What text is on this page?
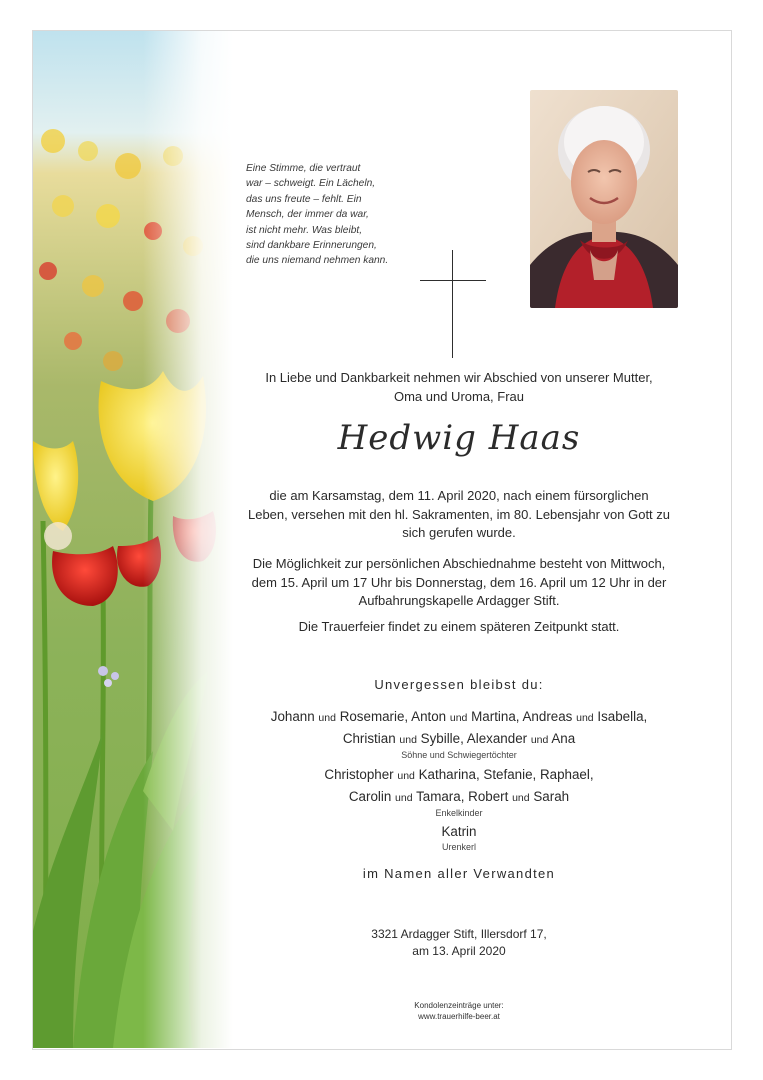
Eine Stimme, die vertraut
war – schweigt. Ein Lächeln,
das uns freute – fehlt. Ein
Mensch, der immer da war,
ist nicht mehr. Was bleibt,
sind dankbare Erinnerungen,
die uns niemand nehmen kann.
In Liebe und Dankbarkeit nehmen wir Abschied von unserer Mutter,
Oma und Uroma, Frau
Hedwig Haas
die am Karsamstag, dem 11. April 2020, nach einem fürsorglichen
Leben, versehen mit den hl. Sakramenten, im 80. Lebensjahr von Gott zu
sich gerufen wurde.
Die Möglichkeit zur persönlichen Abschiednahme besteht von Mittwoch,
dem 15. April um 17 Uhr bis Donnerstag, dem 16. April um 12 Uhr in der
Aufbahrungskapelle Ardagger Stift.
Die Trauerfeier findet zu einem späteren Zeitpunkt statt.
Unvergessen bleibst du:
Johann und Rosemarie, Anton und Martina, Andreas und Isabella,
Christian und Sybille, Alexander und Ana
Söhne und Schwiegertöchter
Christopher und Katharina, Stefanie, Raphael,
Carolin und Tamara, Robert und Sarah
Enkelkinder
Katrin
Urenkerl
im Namen aller Verwandten
3321 Ardagger Stift, Illersdorf 17,
am 13. April 2020
Kondolenzeinträge unter:
www.trauerhilfe-beer.at
